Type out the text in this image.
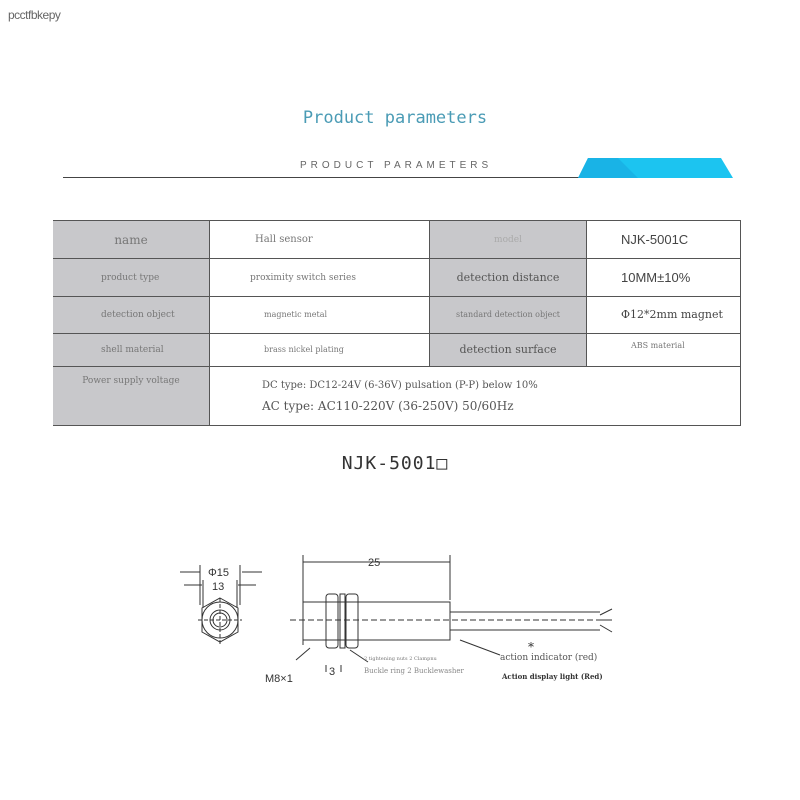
pcctfbkepy
Product parameters
PRODUCT PARAMETERS
name	Hall sensor	model	NJK-5001C
product type	proximity switch series	detection distance	10MM±10%
detection object	magnetic metal	standard detection object	Φ12*2mm magnet
shell material	brass nickel plating	detection surface	ABS material
Power supply voltage	DC type: DC12-24V (6-36V) pulsation (P-P) below 10%
AC type: AC110-220V (36-250V) 50/60Hz		
NJK-5001□
Φ15
13
25
M8×1
3
2 tightening nuts 2 Clampnu
Buckle ring 2 Bucklewasher
*
action indicator (red)
Action display light (Red)
